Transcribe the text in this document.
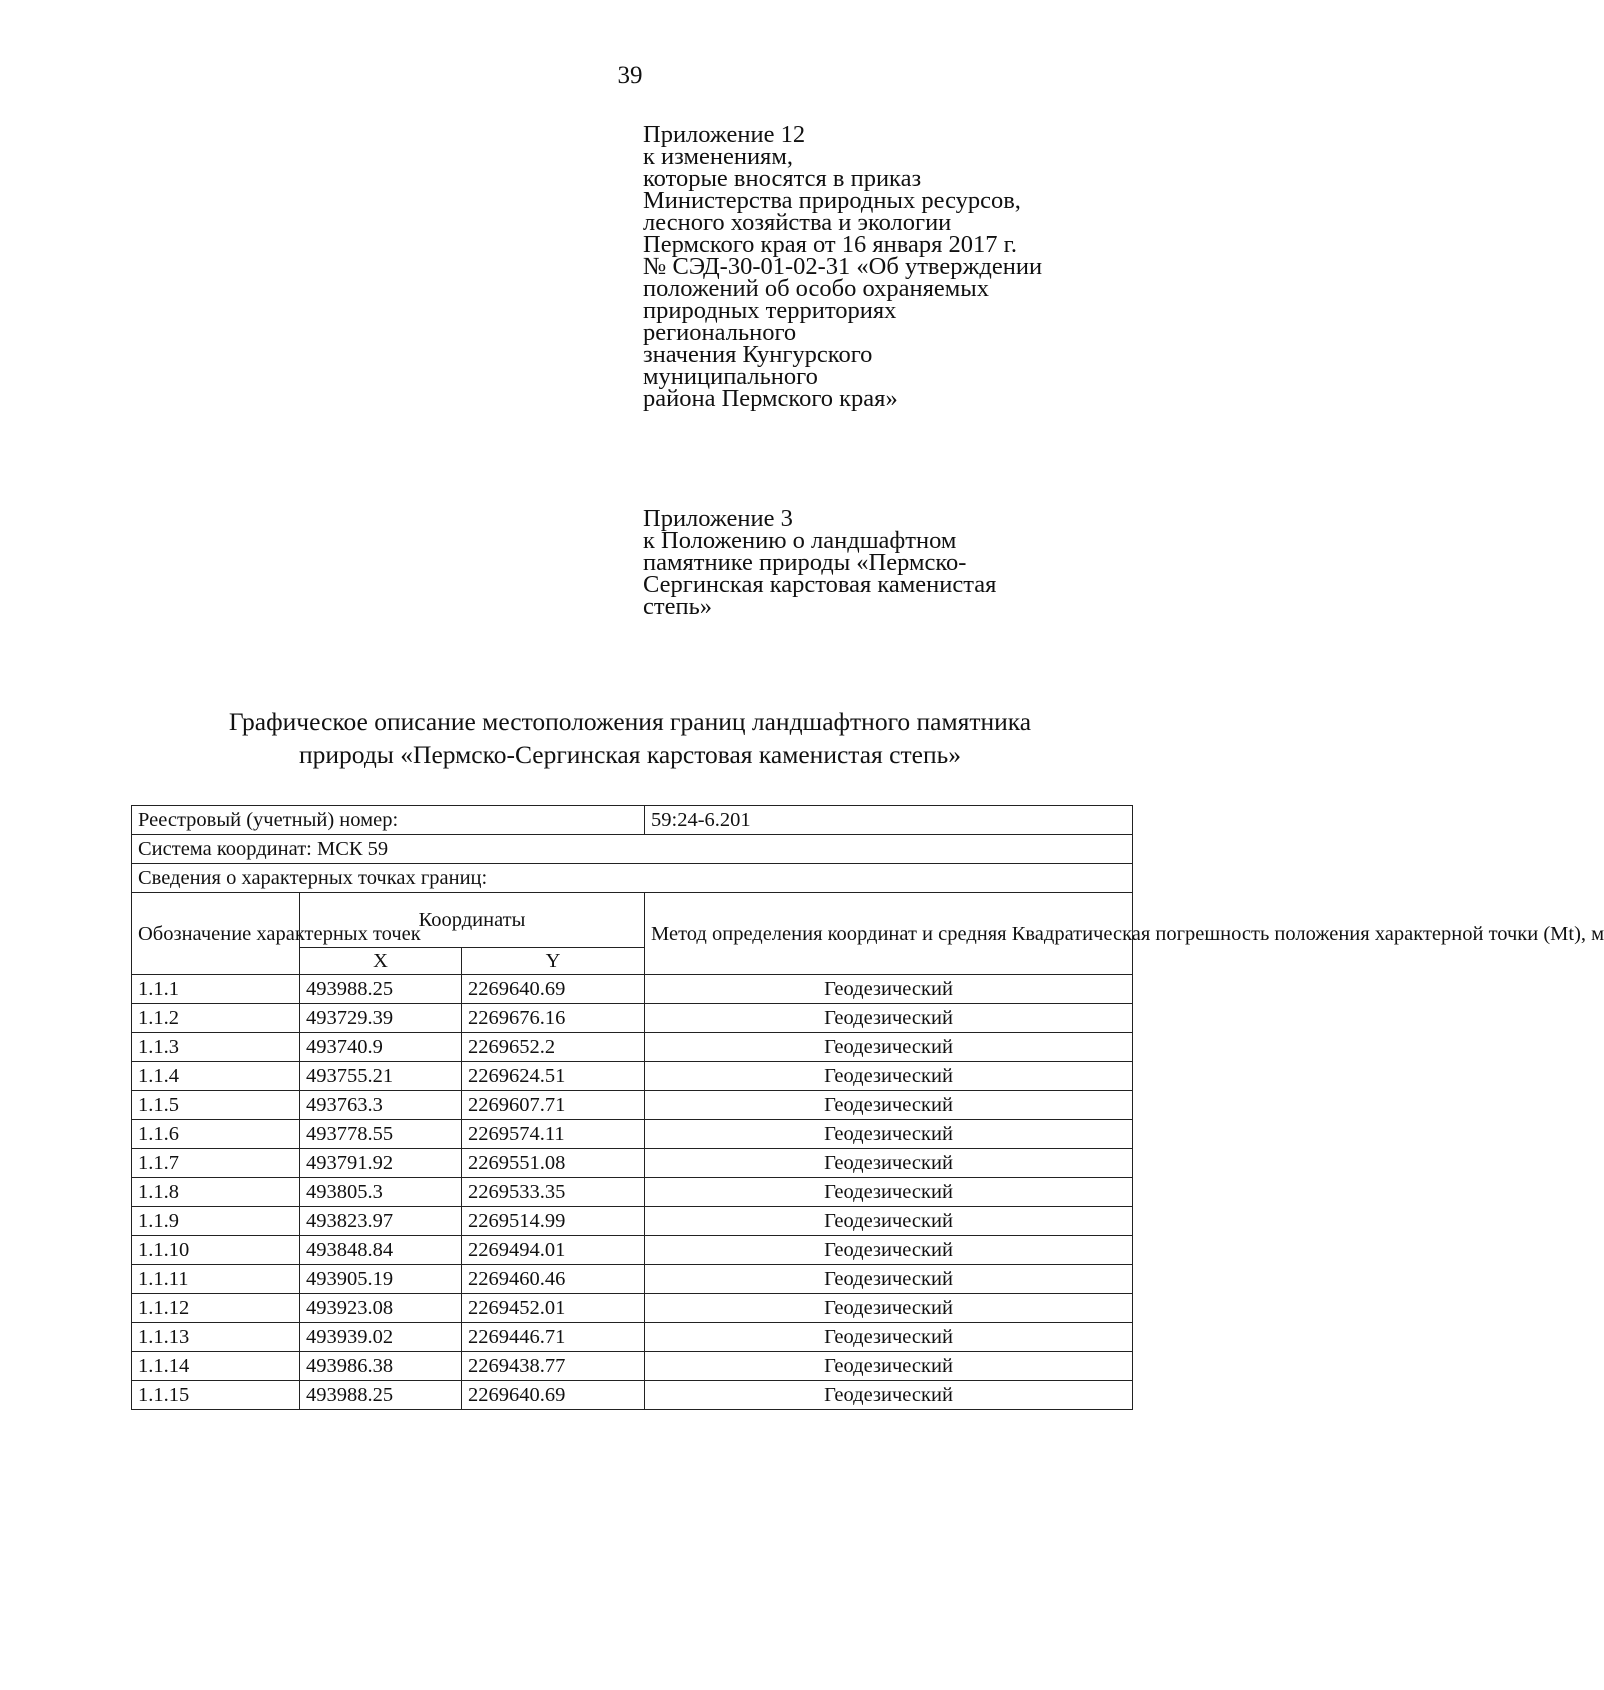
39
Приложение 12
к изменениям,
которые вносятся в приказ
Министерства природных ресурсов,
лесного хозяйства и экологии
Пермского края от 16 января 2017 г.
№ СЭД-30-01-02-31 «Об утверждении
положений об особо охраняемых
природных территориях
регионального
значения Кунгурского
муниципального
района Пермского края»
Приложение 3
к Положению о ландшафтном
памятнике природы «Пермско-
Сергинская карстовая каменистая
степь»
Графическое описание местоположения границ ландшафтного памятника
природы «Пермско-Сергинская карстовая каменистая степь»
Реестровый (учетный) номер:			59:24-6.201
Система координат: МСК 59			
Сведения о характерных точках границ:			
Обозначение характерных точек	Координаты		Метод определения координат и средняя Квадратическая погрешность положения характерной точки (Mt), м
	X	Y	
1.1.1	493988.25	2269640.69	Геодезический
1.1.2	493729.39	2269676.16	Геодезический
1.1.3	493740.9	2269652.2	Геодезический
1.1.4	493755.21	2269624.51	Геодезический
1.1.5	493763.3	2269607.71	Геодезический
1.1.6	493778.55	2269574.11	Геодезический
1.1.7	493791.92	2269551.08	Геодезический
1.1.8	493805.3	2269533.35	Геодезический
1.1.9	493823.97	2269514.99	Геодезический
1.1.10	493848.84	2269494.01	Геодезический
1.1.11	493905.19	2269460.46	Геодезический
1.1.12	493923.08	2269452.01	Геодезический
1.1.13	493939.02	2269446.71	Геодезический
1.1.14	493986.38	2269438.77	Геодезический
1.1.15	493988.25	2269640.69	Геодезический
